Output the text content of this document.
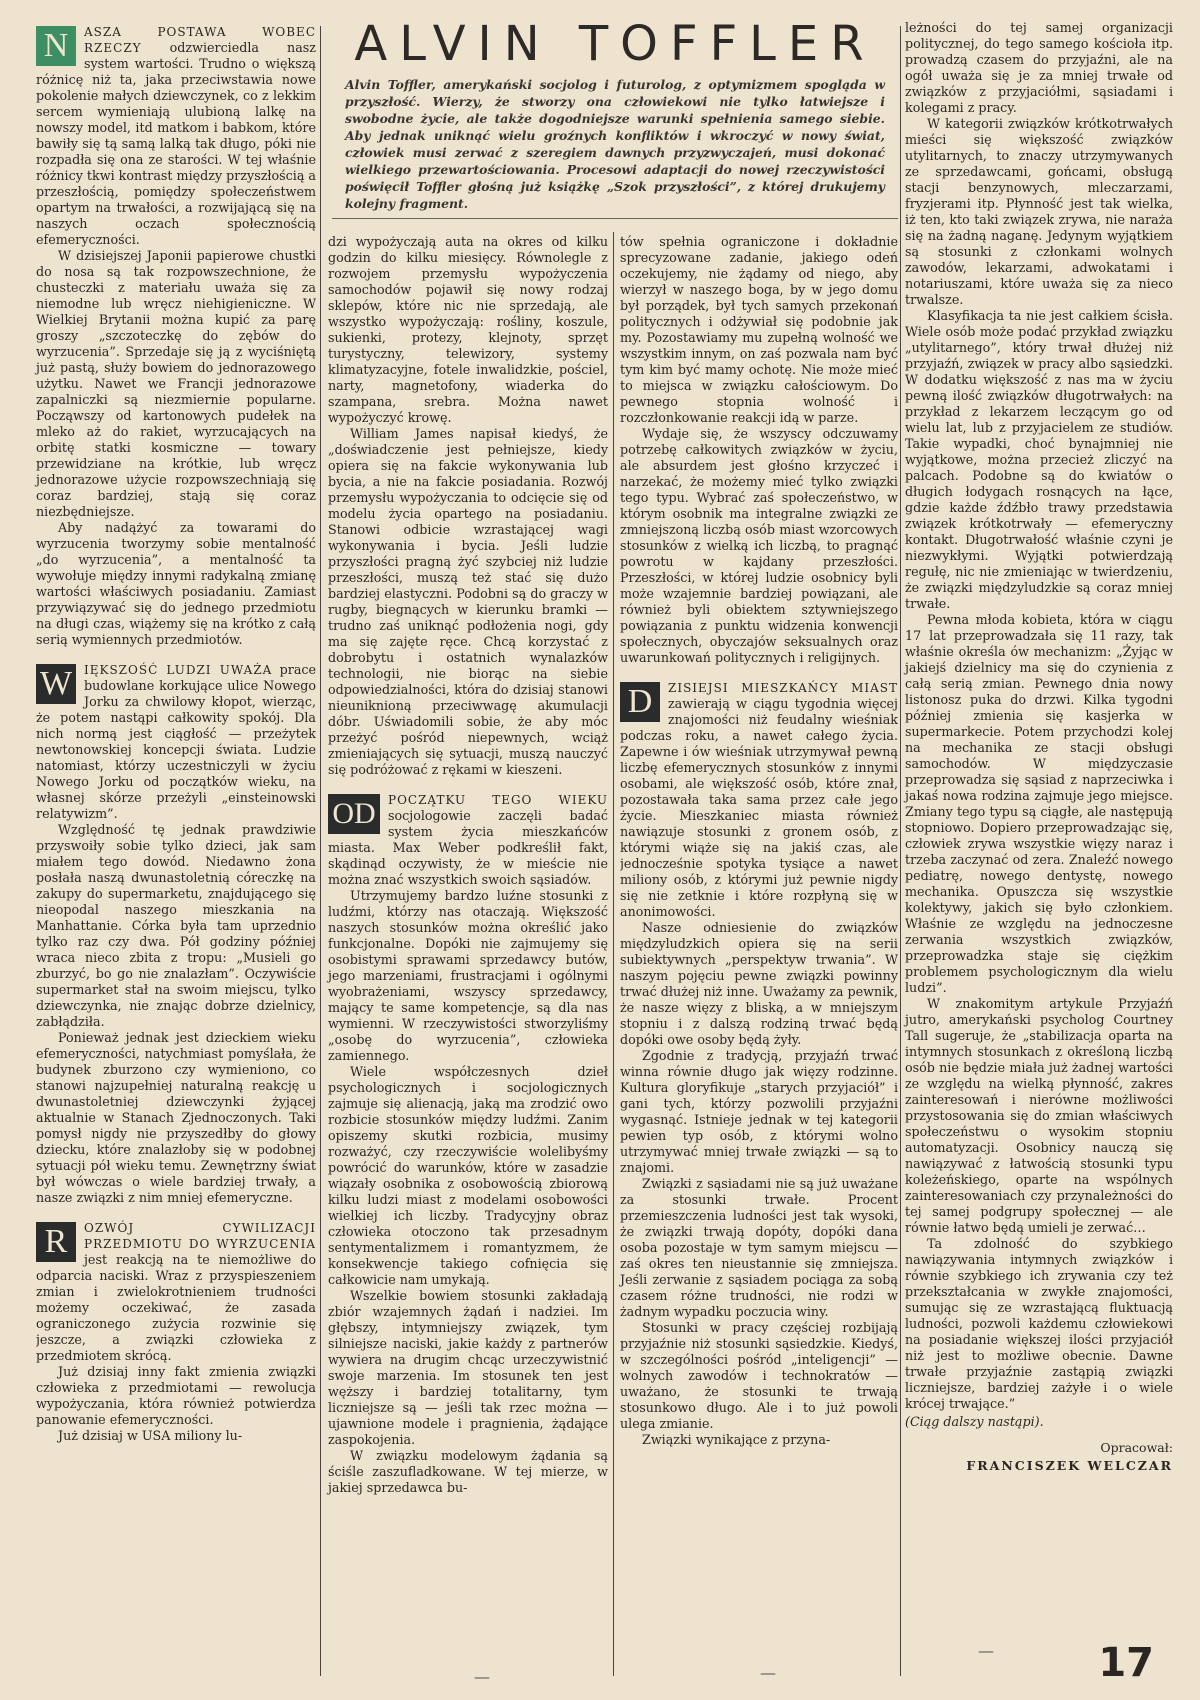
ALVIN TOFFLER
Alvin Toffler, amerykański socjolog i futurolog, z optymizmem spogląda w przyszłość. Wierzy, że stworzy ona człowiekowi nie tylko łatwiejsze i swobodne życie, ale także dogodniejsze warunki spełnienia samego siebie. Aby jednak uniknąć wielu groźnych konfliktów i wkroczyć w nowy świat, człowiek musi zerwać z szeregiem dawnych przyzwyczajeń, musi dokonać wielkiego przewartościowania. Procesowi adaptacji do nowej rzeczywistości poświęcił Toffler głośną już książkę „Szok przyszłości”, z której drukujemy kolejny fragment.
N	ASZA POSTAWA WOBEC RZECZY odzwierciedla nasz system wartości. Trudno o większą różnicę niż ta, jaka przeciwstawia nowe pokolenie małych dziewczynek, co z lekkim sercem wymieniają ulubioną lalkę na nowszy model, itd matkom i babkom, które bawiły się tą samą lalką tak długo, póki nie rozpadła się ona ze starości. W tej właśnie różnicy tkwi kontrast między przyszłością a przeszłością, pomiędzy społeczeństwem opartym na trwałości, a rozwijającą się na naszych oczach społecznością efemeryczności.

W dzisiejszej Japonii papierowe chustki do nosa są tak rozpowszechnione, że chusteczki z materiału uważa się za niemodne lub wręcz niehigieniczne. W Wielkiej Brytanii można kupić za parę groszy „szczoteczkę do zębów do wyrzucenia”. Sprzedaje się ją z wyciśniętą już pastą, służy bowiem do jednorazowego użytku. Nawet we Francji jednorazowe zapalniczki są niezmiernie popularne. Począwszy od kartonowych pudełek na mleko aż do rakiet, wyrzucających na orbitę statki kosmiczne — towary przewidziane na krótkie, lub wręcz jednorazowe użycie rozpowszechniają się coraz bardziej, stają się coraz niezbędniejsze.

Aby nadążyć za towarami do wyrzucenia tworzymy sobie mentalność „do wyrzucenia”, a mentalność ta wywołuje między innymi radykalną zmianę wartości właściwych posiadaniu. Zamiast przywiązywać się do jednego przedmiotu na długi czas, wiążemy się na krótko z całą serią wymiennych przedmiotów.

W IĘKSZOŚĆ LUDZI UWAŻA prace budowlane korkujące ulice Nowego Jorku za chwilowy kłopot, wierząc, że potem nastąpi całkowity spokój. Dla nich normą jest ciągłość — przeżytek newtonowskiej koncepcji świata. Ludzie natomiast, którzy uczestniczyli w życiu Nowego Jorku od początków wieku, na własnej skórze przeżyli „einsteinowski relatywizm”.

Względność tę jednak prawdziwie przyswoiły sobie tylko dzieci, jak sam miałem tego dowód. Niedawno żona posłała naszą dwunastoletnią córeczkę na zakupy do supermarketu, znajdującego się nieopodal naszego mieszkania na Manhattanie. Córka była tam uprzednio tylko raz czy dwa. Pół godziny później wraca nieco zbita z tropu: „Musieli go zburzyć, bo go nie znalazłam”. Oczywiście supermarket stał na swoim miejscu, tylko dziewczynka, nie znając dobrze dzielnicy, zabłądziła.

Ponieważ jednak jest dzieckiem wieku efemeryczności, natychmiast pomyślała, że budynek zburzono czy wymieniono, co stanowi najzupełniej naturalną reakcję u dwunastoletniej dziewczynki żyjącej aktualnie w Stanach Zjednoczonych. Taki pomysł nigdy nie przyszedłby do głowy dziecku, które znalazłoby się w podobnej sytuacji pół wieku temu. Zewnętrzny świat był wówczas o wiele bardziej trwały, a nasze związki z nim mniej efemeryczne.

R	OZWÓJ CYWILIZACJI PRZEDMIOTU DO WYRZUCENIA jest reakcją na te niemożliwe do odparcia naciski. Wraz z przyspieszeniem zmian i zwielokrotnieniem trudności możemy oczekiwać, że zasada ograniczonego zużycia rozwinie się jeszcze, a związki człowieka z przedmiotem skrócą.

Już dzisiaj inny fakt zmienia związki człowieka z przedmiotami — rewolucja wypożyczania, która również potwierdza panowanie efemeryczności.

Już dzisiaj w USA miliony lu-

dzi wypożyczają auta na okres od kilku godzin do kilku miesięcy. Równolegle z rozwojem przemysłu wypożyczenia samochodów pojawił się nowy rodzaj sklepów, które nic nie sprzedają, ale wszystko wypożyczają: rośliny, koszule, sukienki, protezy, klejnoty, sprzęt turystyczny, telewizory, systemy klimatyzacyjne, fotele inwalidzkie, pościel, narty, magnetofony, wiaderka do szampana, srebra. Można nawet wypożyczyć krowę.

William James napisał kiedyś, że „doświadczenie jest pełniejsze, kiedy opiera się na fakcie wykonywania lub bycia, a nie na fakcie posiadania. Rozwój przemysłu wypożyczania to odcięcie się od modelu życia opartego na posiadaniu. Stanowi odbicie wzrastającej wagi wykonywania i bycia. Jeśli ludzie przyszłości pragną żyć szybciej niż ludzie przeszłości, muszą też stać się dużo bardziej elastyczni. Podobni są do graczy w rugby, biegnących w kierunku bramki — trudno zaś uniknąć podłożenia nogi, gdy ma się zajęte ręce. Chcą korzystać z dobrobytu i ostatnich wynalazków technologii, nie biorąc na siebie odpowiedzialności, która do dzisiaj stanowi nieuniknioną przeciwwagę akumulacji dóbr. Uświadomili sobie, że aby móc przeżyć pośród niepewnych, wciąż zmieniających się sytuacji, muszą nauczyć się podróżować z rękami w kieszeni.

OD	POCZĄTKU TEGO WIEKU socjologowie zaczęli badać system życia mieszkańców miasta. Max Weber podkreślił fakt, skądinąd oczywisty, że w mieście nie można znać wszystkich swoich sąsiadów.

Utrzymujemy bardzo luźne stosunki z ludźmi, którzy nas otaczają. Większość naszych stosunków można określić jako funkcjonalne. Dopóki nie zajmujemy się osobistymi sprawami sprzedawcy butów, jego marzeniami, frustracjami i ogólnymi wyobrażeniami, wszyscy sprzedawcy, mający te same kompetencje, są dla nas wymienni. W rzeczywistości stworzyliśmy „osobę do wyrzucenia”, człowieka zamiennego.

Wiele współczesnych dzieł psychologicznych i socjologicznych zajmuje się alienacją, jaką ma zrodzić owo rozbicie stosunków między ludźmi. Zanim opiszemy skutki rozbicia, musimy rozważyć, czy rzeczywiście wolelibyśmy powrócić do warunków, które w zasadzie wiązały osobnika z osobowością zbiorową kilku ludzi miast z modelami osobowości wielkiej ich liczby. Tradycyjny obraz człowieka otoczono tak przesadnym sentymentalizmem i romantyzmem, że konsekwencje takiego cofnięcia się całkowicie nam umykają.

Wszelkie bowiem stosunki zakładają zbiór wzajemnych żądań i nadziei. Im głębszy, intymniejszy związek, tym silniejsze naciski, jakie każdy z partnerów wywiera na drugim chcąc urzeczywistnić swoje marzenia. Im stosunek ten jest węższy i bardziej totalitarny, tym liczniejsze są — jeśli tak rzec można — ujawnione modele i pragnienia, żądające zaspokojenia.

W związku modelowym żądania są ściśle zaszufladkowane. W tej mierze, w jakiej sprzedawca bu-

tów spełnia ograniczone i dokładnie sprecyzowane zadanie, jakiego odeń oczekujemy, nie żądamy od niego, aby wierzył w naszego boga, by w jego domu był porządek, był tych samych przekonań politycznych i odżywiał się podobnie jak my. Pozostawiamy mu zupełną wolność we wszystkim innym, on zaś pozwala nam być tym kim być mamy ochotę. Nie może mieć to miejsca w związku całościowym. Do pewnego stopnia wolność i rozczłonkowanie reakcji idą w parze.

Wydaje się, że wszyscy odczuwamy potrzebę całkowitych związków w życiu, ale absurdem jest głośno krzyczeć i narzekać, że możemy mieć tylko związki tego typu. Wybrać zaś społeczeństwo, w którym osobnik ma integralne związki ze zmniejszoną liczbą osób miast wzorcowych stosunków z wielką ich liczbą, to pragnąć powrotu w kajdany przeszłości. Przeszłości, w której ludzie osobnicy byli może wzajemnie bardziej powiązani, ale również byli obiektem sztywniejszego powiązania z punktu widzenia konwencji społecznych, obyczajów seksualnych oraz uwarunkowań politycznych i religijnych.

D	ZISIEJSI MIESZKAŃCY MIAST zawierają w ciągu tygodnia więcej znajomości niż feudalny wieśniak podczas roku, a nawet całego życia. Zapewne i ów wieśniak utrzymywał pewną liczbę efemerycznych stosunków z innymi osobami, ale większość osób, które znał, pozostawała taka sama przez całe jego życie. Mieszkaniec miasta również nawiązuje stosunki z gronem osób, z którymi wiąże się na jakiś czas, ale jednocześnie spotyka tysiące a nawet miliony osób, z którymi już pewnie nigdy się nie zetknie i które rozpłyną się w anonimowości.

Nasze odniesienie do związków międzyludzkich opiera się na serii subiektywnych „perspektyw trwania”. W naszym pojęciu pewne związki powinny trwać dłużej niż inne. Uważamy za pewnik, że nasze więzy z bliską, a w mniejszym stopniu i z dalszą rodziną trwać będą dopóki owe osoby będą żyły.

Zgodnie z tradycją, przyjaźń trwać winna równie długo jak więzy rodzinne. Kultura gloryfikuje „starych przyjaciół” i gani tych, którzy pozwolili przyjaźni wygasnąć. Istnieje jednak w tej kategorii pewien typ osób, z którymi wolno utrzymywać mniej trwałe związki — są to znajomi.

Związki z sąsiadami nie są już uważane za stosunki trwałe. Procent przemieszczenia ludności jest tak wysoki, że związki trwają dopóty, dopóki dana osoba pozostaje w tym samym miejscu — zaś okres ten nieustannie się zmniejsza. Jeśli zerwanie z sąsiadem pociąga za sobą czasem różne trudności, nie rodzi w żadnym wypadku poczucia winy.

Stosunki w pracy częściej rozbijają przyjaźnie niż stosunki sąsiedzkie. Kiedyś, w szczególności pośród „inteligencji” — wolnych zawodów i technokratów — uważano, że stosunki te trwają stosunkowo długo. Ale i to już powoli ulega zmianie.

Związki wynikające z przyna-

leżności do tej samej organizacji politycznej, do tego samego kościoła itp. prowadzą czasem do przyjaźni, ale na ogół uważa się je za mniej trwałe od związków z przyjaciółmi, sąsiadami i kolegami z pracy.

W kategorii związków krótkotrwałych mieści się większość związków utylitarnych, to znaczy utrzymywanych ze sprzedawcami, gońcami, obsługą stacji benzynowych, mleczarzami, fryzjerami itp. Płynność jest tak wielka, iż ten, kto taki związek zrywa, nie naraża się na żadną naganę. Jedynym wyjątkiem są stosunki z członkami wolnych zawodów, lekarzami, adwokatami i notariuszami, które uważa się za nieco trwalsze.

Klasyfikacja ta nie jest całkiem ścisła. Wiele osób może podać przykład związku „utylitarnego”, który trwał dłużej niż przyjaźń, związek w pracy albo sąsiedzki. W dodatku większość z nas ma w życiu pewną ilość związków długotrwałych: na przykład z lekarzem leczącym go od wielu lat, lub z przyjacielem ze studiów. Takie wypadki, choć bynajmniej nie wyjątkowe, można przecież zliczyć na palcach. Podobne są do kwiatów o długich łodygach rosnących na łące, gdzie każde źdźbło trawy przedstawia związek krótkotrwały — efemeryczny kontakt. Długotrwałość właśnie czyni je niezwykłymi. Wyjątki potwierdzają regułę, nic nie zmieniając w twierdzeniu, że związki międzyludzkie są coraz mniej trwałe.

Pewna młoda kobieta, która w ciągu 17 lat przeprowadzała się 11 razy, tak właśnie określa ów mechanizm: „Żyjąc w jakiejś dzielnicy ma się do czynienia z całą serią zmian. Pewnego dnia nowy listonosz puka do drzwi. Kilka tygodni później zmienia się kasjerka w supermarkecie. Potem przychodzi kolej na mechanika ze stacji obsługi samochodów. W międzyczasie przeprowadza się sąsiad z naprzeciwka i jakaś nowa rodzina zajmuje jego miejsce. Zmiany tego typu są ciągłe, ale następują stopniowo. Dopiero przeprowadzając się, człowiek zrywa wszystkie więzy naraz i trzeba zaczynać od zera. Znaleźć nowego pediatrę, nowego dentystę, nowego mechanika. Opuszcza się wszystkie kolektywy, jakich się było członkiem. Właśnie ze względu na jednoczesne zerwania wszystkich związków, przeprowadzka staje się ciężkim problemem psychologicznym dla wielu ludzi”.

W znakomitym artykule Przyjaźń jutro, amerykański psycholog Courtney Tall sugeruje, że „stabilizacja oparta na intymnych stosunkach z określoną liczbą osób nie będzie miała już żadnej wartości ze względu na wielką płynność, zakres zainteresowań i nierówne możliwości przystosowania się do zmian właściwych społeczeństwu o wysokim stopniu automatyzacji. Osobnicy nauczą się nawiązywać z łatwością stosunki typu koleżeńskiego, oparte na wspólnych zainteresowaniach czy przynależności do tej samej podgrupy społecznej — ale równie łatwo będą umieli je zerwać…

Ta zdolność do szybkiego nawiązywania intymnych związków i równie szybkiego ich zrywania czy też przekształcania w zwykłe znajomości, sumując się ze wzrastającą fluktuacją ludności, pozwoli każdemu człowiekowi na posiadanie większej ilości przyjaciół niż jest to możliwe obecnie. Dawne trwałe przyjaźnie zastąpią związki liczniejsze, bardziej zażyłe i o wiele krócej trwające.”

(Ciąg dalszy nastąpi).

Opracował:
FRANCISZEK WELCZAR
—	—
—	17
